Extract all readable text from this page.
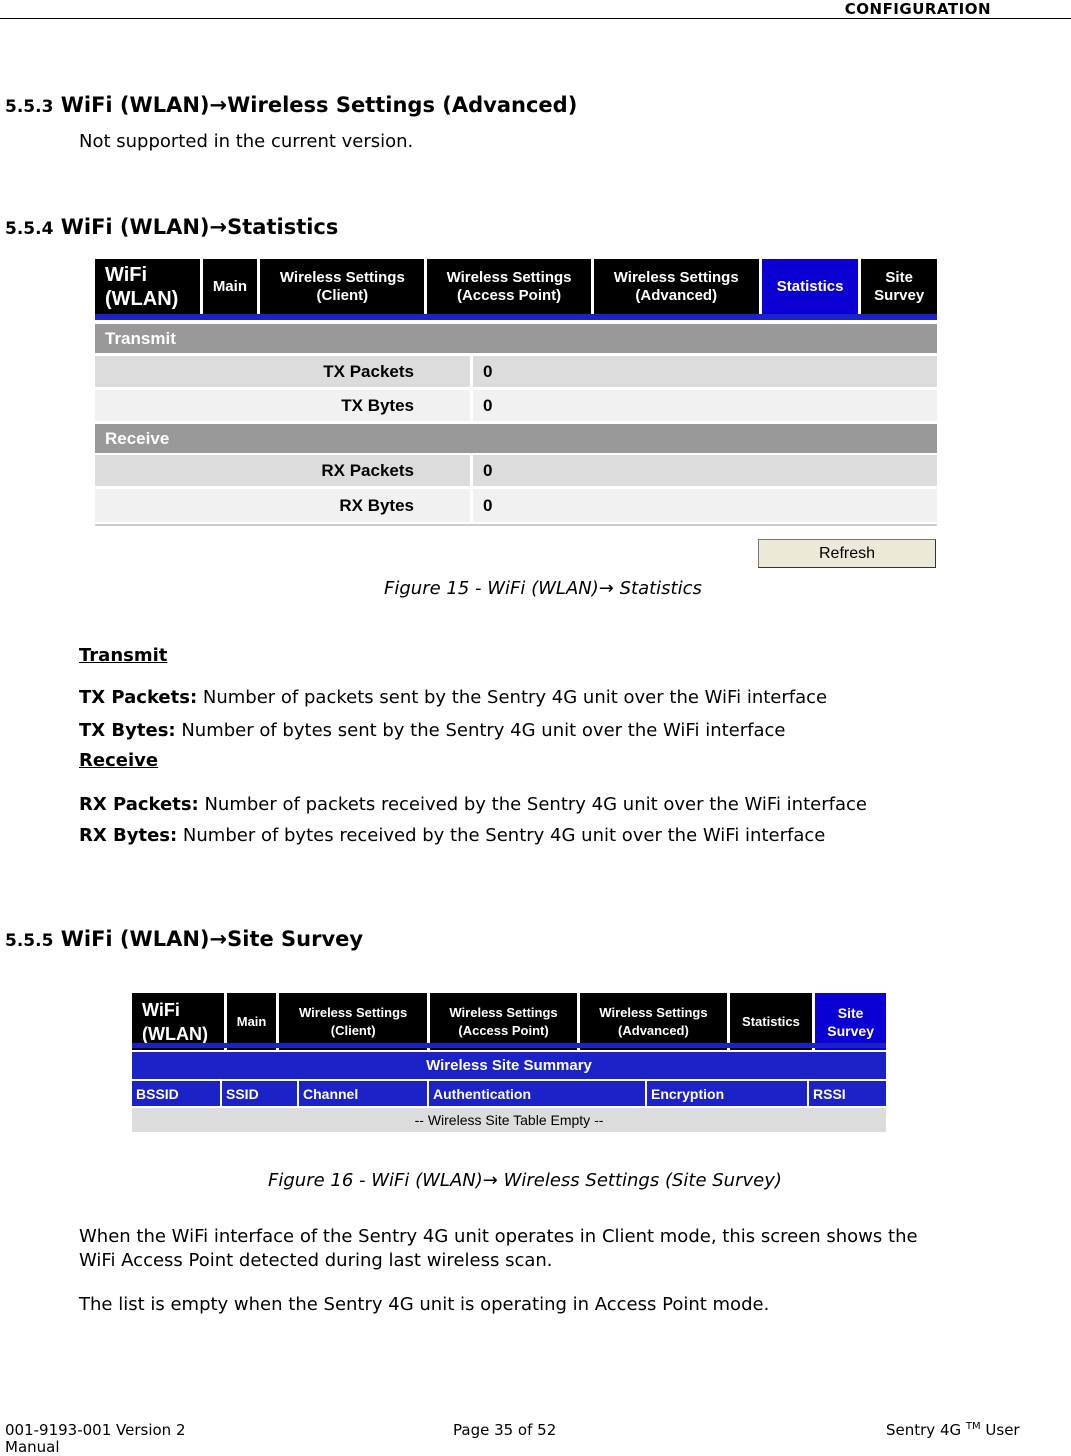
CONFIGURATION
5.5.3 WiFi (WLAN)→Wireless Settings (Advanced)
Not supported in the current version.
5.5.4 WiFi (WLAN)→Statistics
WiFi
(WLAN)
Main
Wireless Settings
(Client)
Wireless Settings
(Access Point)
Wireless Settings
(Advanced)
Statistics
Site
Survey
Transmit
TX Packets	0
TX Bytes	0
Receive
RX Packets	0
RX Bytes	0
Refresh
Figure 15 - WiFi (WLAN)→ Statistics
Transmit
TX Packets: Number of packets sent by the Sentry 4G unit over the WiFi interface
TX Bytes: Number of bytes sent by the Sentry 4G unit over the WiFi interface
Receive
RX Packets: Number of packets received by the Sentry 4G unit over the WiFi interface
RX Bytes: Number of bytes received by the Sentry 4G unit over the WiFi interface
5.5.5 WiFi (WLAN)→Site Survey
WiFi
(WLAN)
Main
Wireless Settings
(Client)
Wireless Settings
(Access Point)
Wireless Settings
(Advanced)
Statistics
Site
Survey
Wireless Site Summary
BSSID	SSID	Channel	Authentication	Encryption	RSSI
-- Wireless Site Table Empty --
Figure 16 - WiFi (WLAN)→ Wireless Settings (Site Survey)
When the WiFi interface of the Sentry 4G unit operates in Client mode, this screen shows the
WiFi Access Point detected during last wireless scan.
The list is empty when the Sentry 4G unit is operating in Access Point mode.
001-9193-001 Version 2	Page 35 of 52	Sentry 4G ™ User
Manual
